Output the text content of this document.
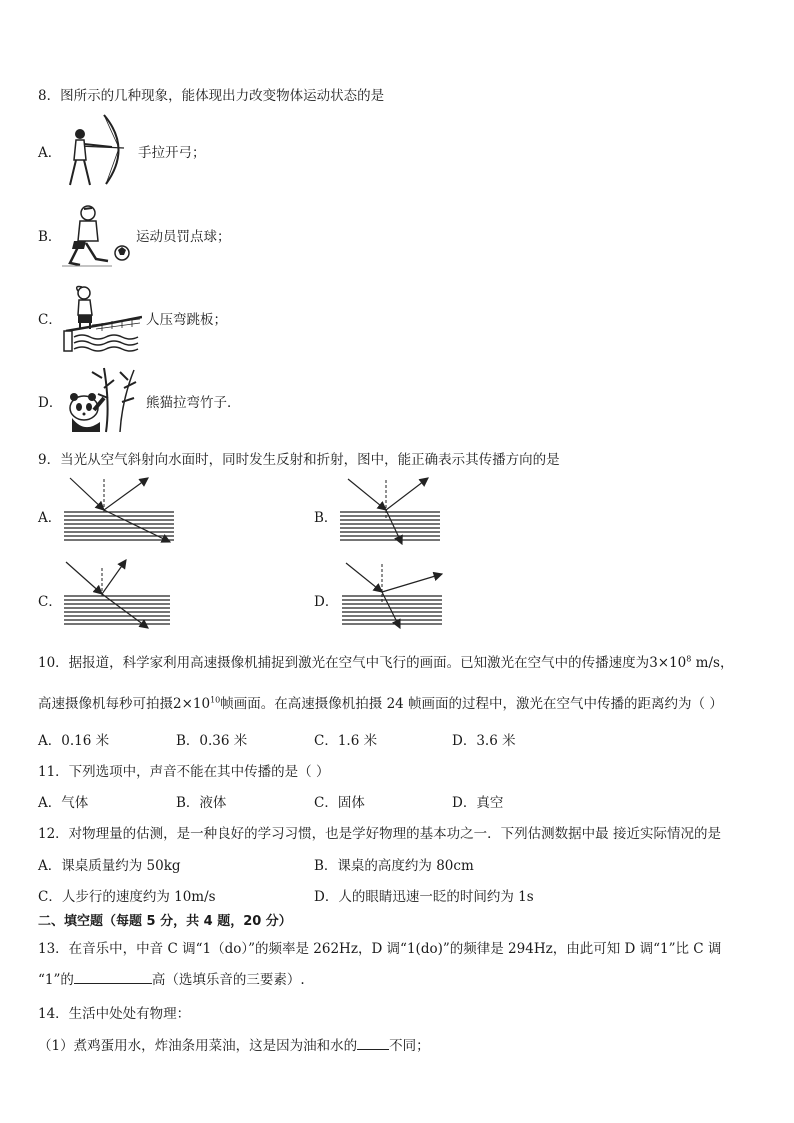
8．图所示的几种现象，能体现出力改变物体运动状态的是
A．	手拉开弓；
B．	运动员罚点球；
C．	人压弯跳板；
D．	熊猫拉弯竹子．
9．当光从空气斜射向水面时，同时发生反射和折射，图中，能正确表示其传播方向的是
A．	B．
C．	D．
10．据报道，科学家利用高速摄像机捕捉到激光在空气中飞行的画面。已知激光在空气中的传播速度为$3\times 10^8$ m/s，
高速摄像机每秒可拍摄$2\times 10^{10}$帧画面。在高速摄像机拍摄 24 帧画面的过程中，激光在空气中传播的距离约为（ ）
A．0.16 米	B．0.36 米	C．1.6 米	D．3.6 米
11．下列选项中，声音不能在其中传播的是（ ）
A．气体	B．液体	C．固体	D．真空
12．对物理量的估测，是一种良好的学习习惯，也是学好物理的基本功之一．下列估测数据中最 接近实际情况的是
A．课桌质量约为 50kg	B．课桌的高度约为 80cm
C．人步行的速度约为 10m/s	D．人的眼睛迅速一眨的时间约为 1s
二、填空题（每题 5 分，共 4 题，20 分）
13．在音乐中，中音 C 调“1（do）”的频率是 262Hz，D 调“1(do)”的频律是 294Hz，由此可知 D 调“1”比 C 调
“1”的	高（选填乐音的三要素）.
14．生活中处处有物理：
（1）煮鸡蛋用水，炸油条用菜油，这是因为油和水的 不同；
